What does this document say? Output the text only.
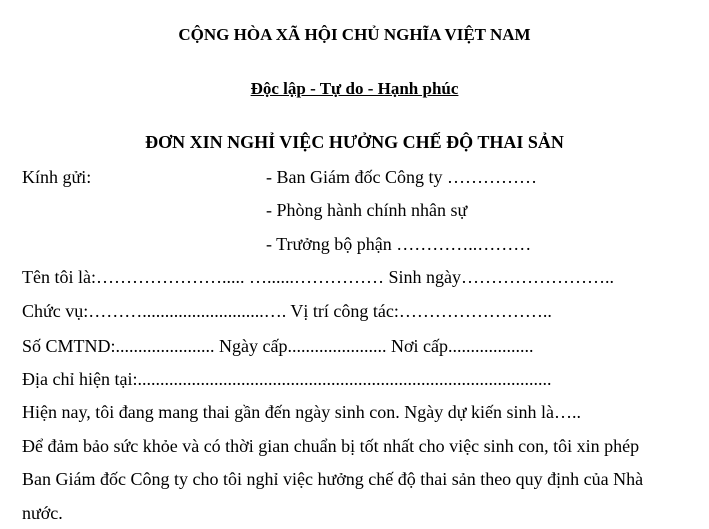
CỘNG HÒA XÃ HỘI CHỦ NGHĨA VIỆT NAM
Độc lập - Tự do - Hạnh phúc
ĐƠN XIN NGHỈ VIỆC HƯỞNG CHẾ ĐỘ THAI SẢN
Kính gửi:	- Ban Giám đốc Công ty ……………
- Phòng hành chính nhân sự
- Trưởng bộ phận …………..………
Tên tôi là:…………………..... …......…………… Sinh ngày……………………..
Chức vụ:………...........................…. Vị trí công tác:……………………..
Số CMTND:...................... Ngày cấp...................... Nơi cấp...................
Địa chỉ hiện tại:............................................................................................
Hiện nay, tôi đang mang thai gần đến ngày sinh con. Ngày dự kiến sinh là…..
Để đảm bảo sức khỏe và có thời gian chuẩn bị tốt nhất cho việc sinh con, tôi xin phép
Ban Giám đốc Công ty cho tôi nghỉ việc hưởng chế độ thai sản theo quy định của Nhà
nước.
